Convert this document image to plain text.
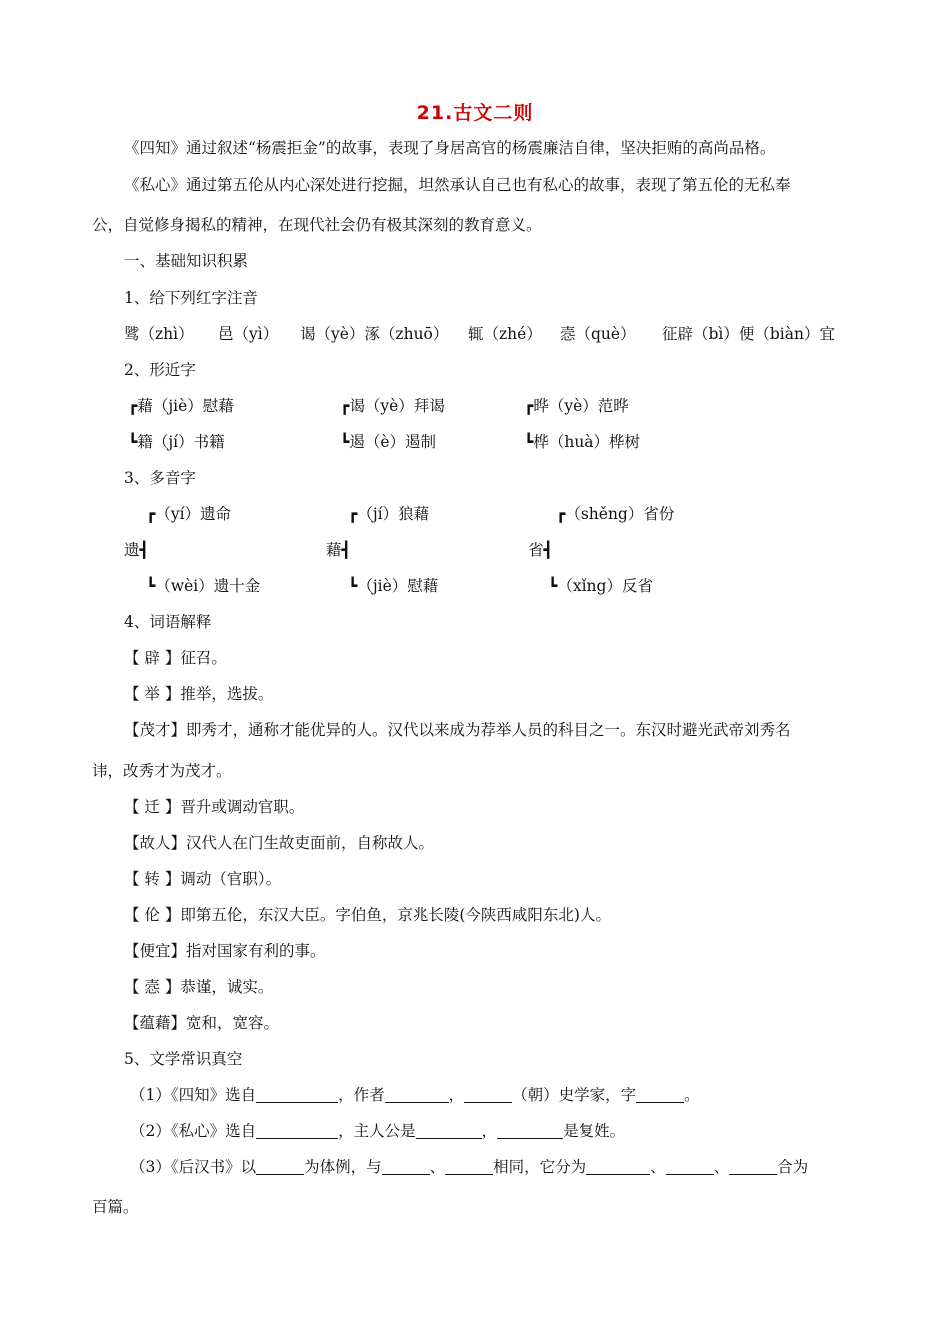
21.古文二则
《四知》通过叙述“杨震拒金”的故事，表现了身居高官的杨震廉洁自律，坚决拒贿的高尚品格。
《私心》通过第五伦从内心深处进行挖掘，坦然承认自己也有私心的故事，表现了第五伦的无私奉
公，自觉修身揭私的精神，在现代社会仍有极其深刻的教育意义。
一、基础知识积累
1、给下列红字注音
骘（zhì） 邑（yì） 谒（yè）涿（zhuō） 辄（zhé） 悫（què） 征辟（bì）便（biàn）宜
2、形近字
┏藉（jiè）慰藉	┏谒（yè）拜谒	┏晔（yè）范晔
┗籍（jí）书籍	┗遏（è）遏制	┗桦（huà）桦树
3、多音字
┏（yí）遗命	┏（jí）狼藉	┏（shěng）省份
遗┫	藉┫	省┫
┗（wèi）遗十金	┗（jiè）慰藉	┗（xǐng）反省
4、词语解释
【 辟 】征召。
【 举 】推举，选拔。
【茂才】即秀才，通称才能优异的人。汉代以来成为荐举人员的科目之一。东汉时避光武帝刘秀名
讳，改秀才为茂才。
【 迁 】晋升或调动官职。
【故人】汉代人在门生故吏面前，自称故人。
【 转 】调动（官职）。
【 伦 】即第五伦，东汉大臣。字伯鱼，京兆长陵(今陕西咸阳东北)人。
【便宜】指对国家有利的事。
【 悫 】恭谨，诚实。
【蕴藉】宽和，宽容。
5、文学常识真空
（1）《四知》选自	，作者	，	（朝）史学家，字	。
（2）《私心》选自	，主人公是	，	是复姓。
（3）《后汉书》以	为体例，与	、	相同，它分为	、	、	合为
百篇。
